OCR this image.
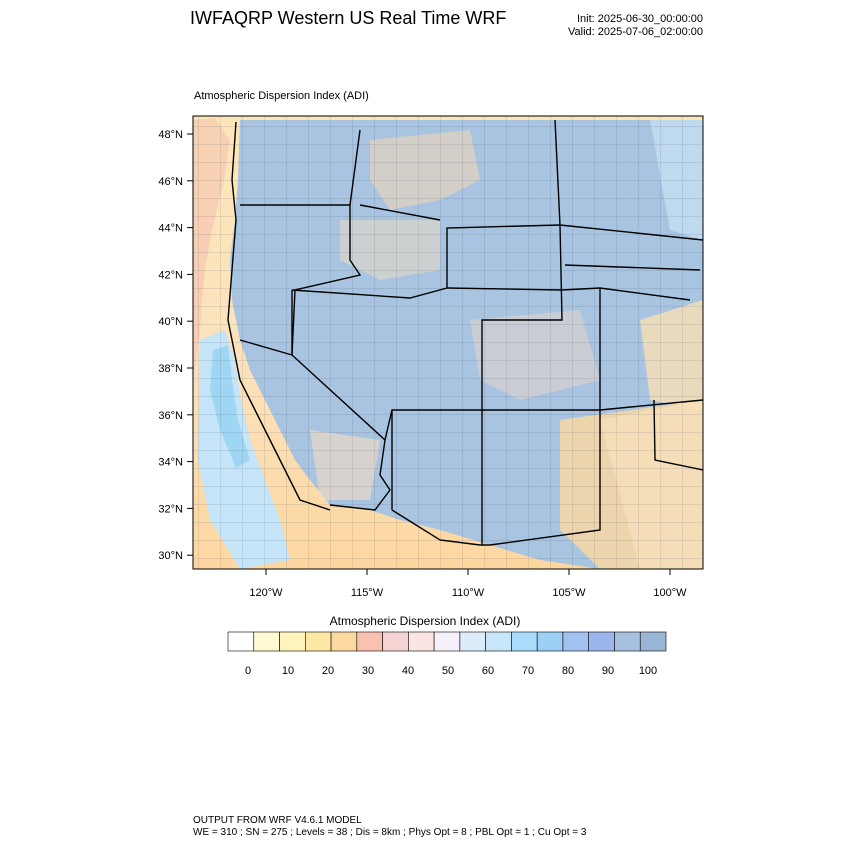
IWFAQRP Western US Real Time WRF	Init: 2025-06-30_00:00:00
Valid: 2025-07-06_02:00:00
Atmospheric Dispersion Index (ADI)
48°N
46°N
44°N
42°N
40°N
38°N
36°N
34°N
32°N
30°N
120°W	115°W	110°W	105°W	100°W
0	10	20	30	40	50	60	70	80	90 100
Atmospheric Dispersion Index (ADI)
OUTPUT FROM WRF V4.6.1 MODEL
WE = 310 ; SN = 275 ; Levels = 38 ; Dis = 8km ; Phys Opt = 8 ; PBL Opt = 1 ; Cu Opt = 3
